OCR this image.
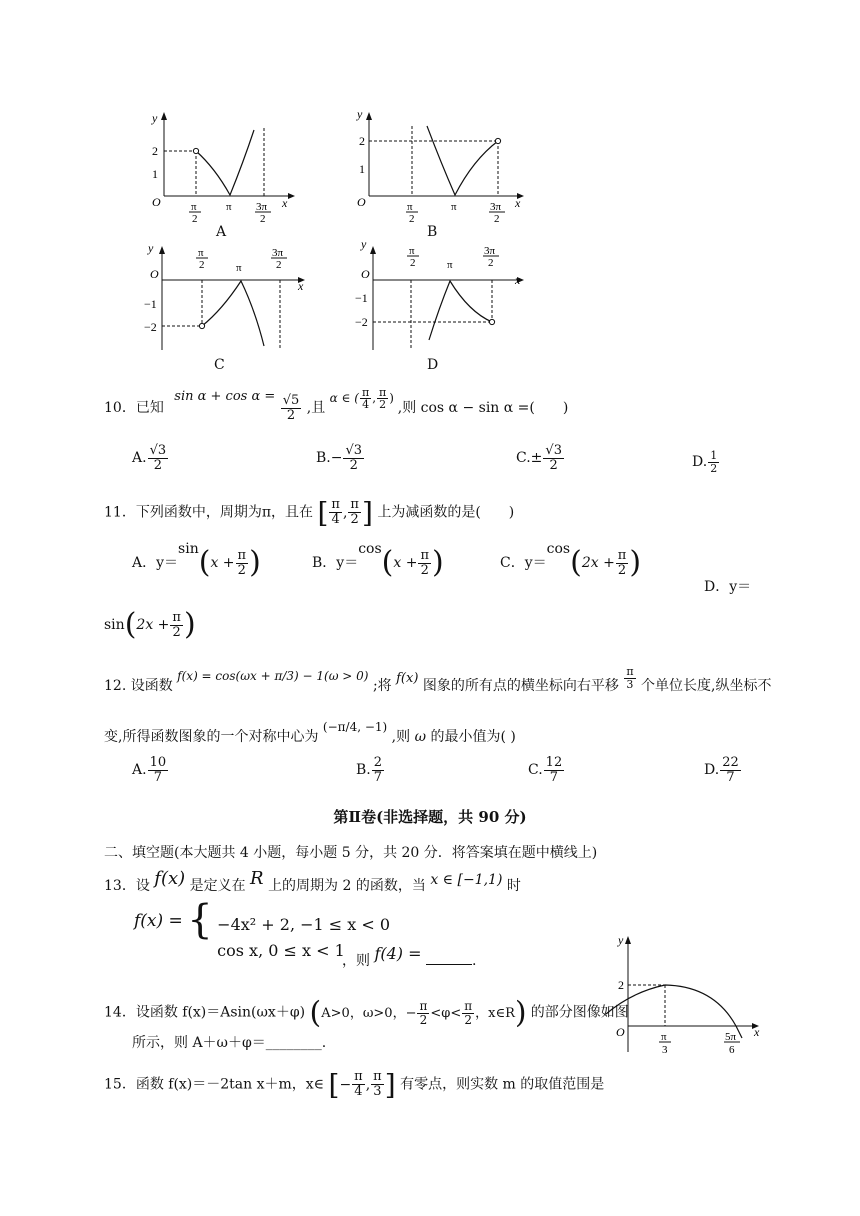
y
O	x
2
1
π
2
π 3π
2
A
y
O	x
2
1
π
2
π	3π
2
B
y
O
x
−1
−2
π
2	π
3π
2
C
y
O	x
−1
−2
π
2	π
3π
2
D
10．已知 $\sin \alpha + \cos \alpha = \frac{√5}{2}$ ,且 α ∈ ( $\frac{\pi}{4}$ , $\frac{\pi}{2}$ ) ,则 cos α − sin α =(　　)
A. $\frac{√3}{2}$	$B.- \frac{√3}{2}$	$C.\pm \frac{√3}{2}$	D. $\frac{1}{2}$
11．下列函数中，周期为π，且在 [ $\frac{\pi}{4}$ , $\frac{\pi}{2}$ ] 上为减函数的是(　　)
A．$y=\sin(x + \frac{\pi}{2}$ )	B．$y=\cos(x + \frac{\pi}{2}$ )	C．$y=\cos(2x + \frac{\pi}{2}$ )
D．y＝
$\sin(2x + \frac{\pi}{2}$ )
12. 设函数 f(x) = cos(ωx + π/3) − 1(ω > 0) ;将 f(x) 图象的所有点的横坐标向右平移 $\frac{\pi}{3}$ 个单位长度,纵坐标不
变,所得函数图象的一个对称中心为 (−π/4, −1) ,则 ω 的最小值为( )
A. $\frac{10}{7}$	B. $\frac{2}{7}$	C. $\frac{12}{7}$	D. $\frac{22}{7}$
第Ⅱ卷(非选择题，共 90 分)
二、填空题(本大题共 4 小题，每小题 5 分，共 20 分．将答案填在题中横线上)
13．设 f(x) 是定义在 R 上的周期为 2 的函数，当 x ∈ [−1,1) 时
f(x) = { −4x² + 2, −1 ≤ x < 0
cos x, 0 ≤ x < 1
，则 f(4) =	.
y
O	x
2
π
3
5π
6
14．设函数 f(x)＝Asin(ωx＋φ) (A>0，ω>0，− $\frac{\pi}{2} <\varphi< \frac{\pi}{2}$ ，x∈R) 的部分图像如图
所示，则 A＋ω＋φ＝________.
15．函数 f(x)＝－2tan x＋m，x∈ [− $\frac{\pi}{4}$ , $\frac{\pi}{3}$ ] 有零点，则实数 m 的取值范围是
